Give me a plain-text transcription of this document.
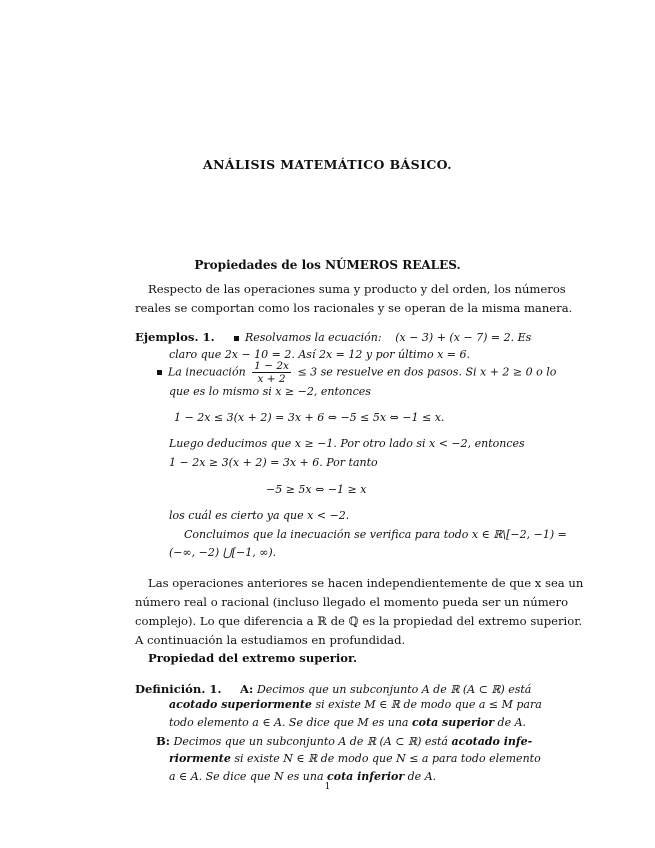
ANÁLISIS MATEMÁTICO BÁSICO.
Propiedades de los NÚMEROS REALES.
Respecto de las operaciones suma y producto y del orden, los números
reales se comportan como los racionales y se operan de la misma manera.
Ejemplos. 1.	Resolvamos la ecuación: (x − 3) + (x − 7) = 2. Es
claro que 2x − 10 = 2. Así 2x = 12 y por último x = 6.
La inecuación $\frac{1 - 2x}{x + 2} \le 3$ se resuelve en dos pasos. Si x + 2 ≥ 0 o lo
que es lo mismo si x ≥ −2, entonces
1 − 2x ≤ 3(x + 2) = 3x + 6 ⇔ −5 ≤ 5x ⇔ −1 ≤ x.
Luego deducimos que x ≥ −1. Por otro lado si x < −2, entonces
1 − 2x ≥ 3(x + 2) = 3x + 6. Por tanto
−5 ≥ 5x ⇔ −1 ≥ x
los cuál es cierto ya que x < −2.
Concluimos que la inecuación se verifica para todo x ∈ ℝ\[−2, −1) =
(−∞, −2) ⋃[−1, ∞).
Las operaciones anteriores se hacen independientemente de que x sea un
número real o racional (incluso llegado el momento pueda ser un número
complejo). Lo que diferencia a ℝ de ℚ es la propiedad del extremo superior.
A continuación la estudiamos en profundidad.
Propiedad del extremo superior.
Definición. 1. A: Decimos que un subconjunto A de ℝ (A ⊂ ℝ) está
acotado superiormente si existe M ∈ ℝ de modo que a ≤ M para
todo elemento a ∈ A. Se dice que M es una cota superior de A.
B: Decimos que un subconjunto A de ℝ (A ⊂ ℝ) está acotado infe-
riormente si existe N ∈ ℝ de modo que N ≤ a para todo elemento
a ∈ A. Se dice que N es una cota inferior de A.
1
